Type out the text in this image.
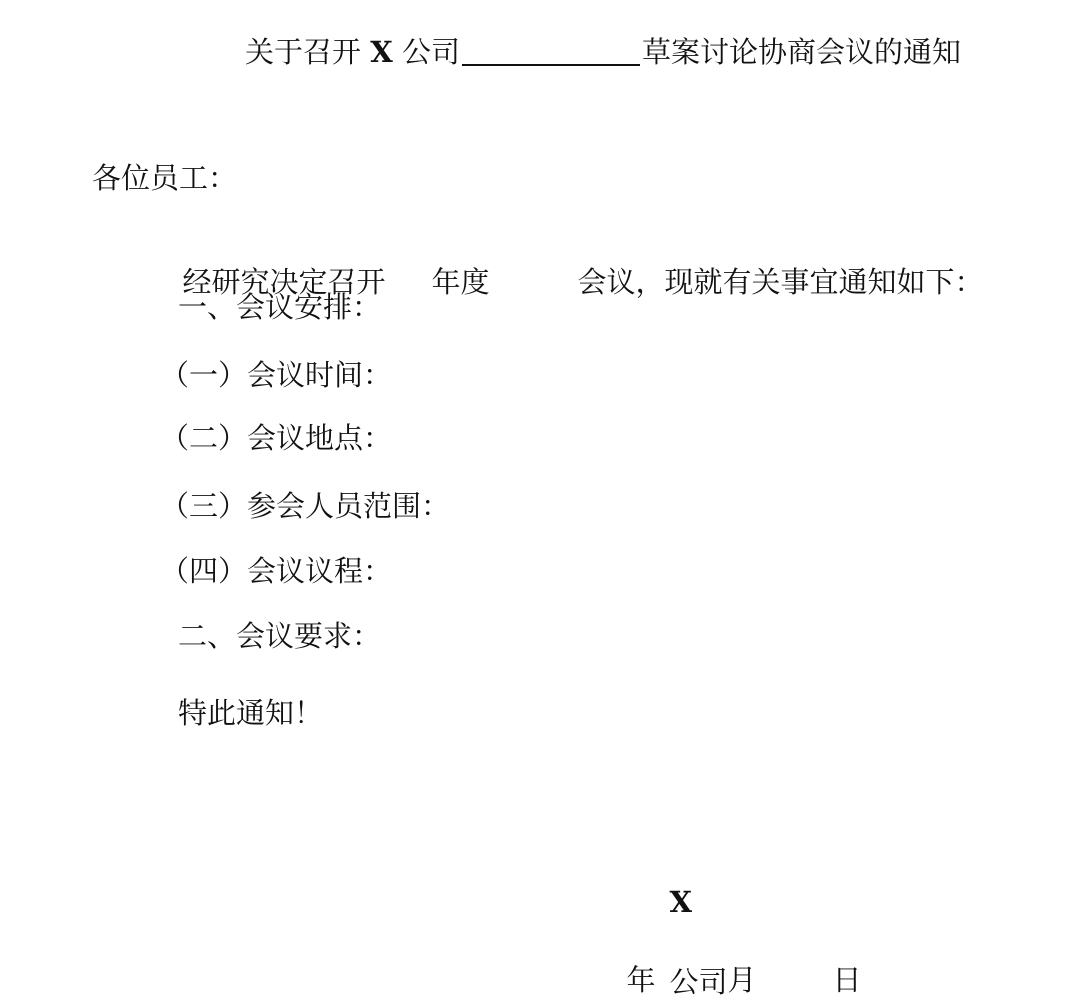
关于召开
X
公司	草案讨论协商会议的通知
各位员工：

经研究决定召开 年度	会议，现就有关事宜通知如下：

一、会议安排：
（一）会议时间：
（二）会议地点：
（三）参会人员范围：
（四）会议议程：
二、会议要求：
特此通知！

X

公司

年 月	日
